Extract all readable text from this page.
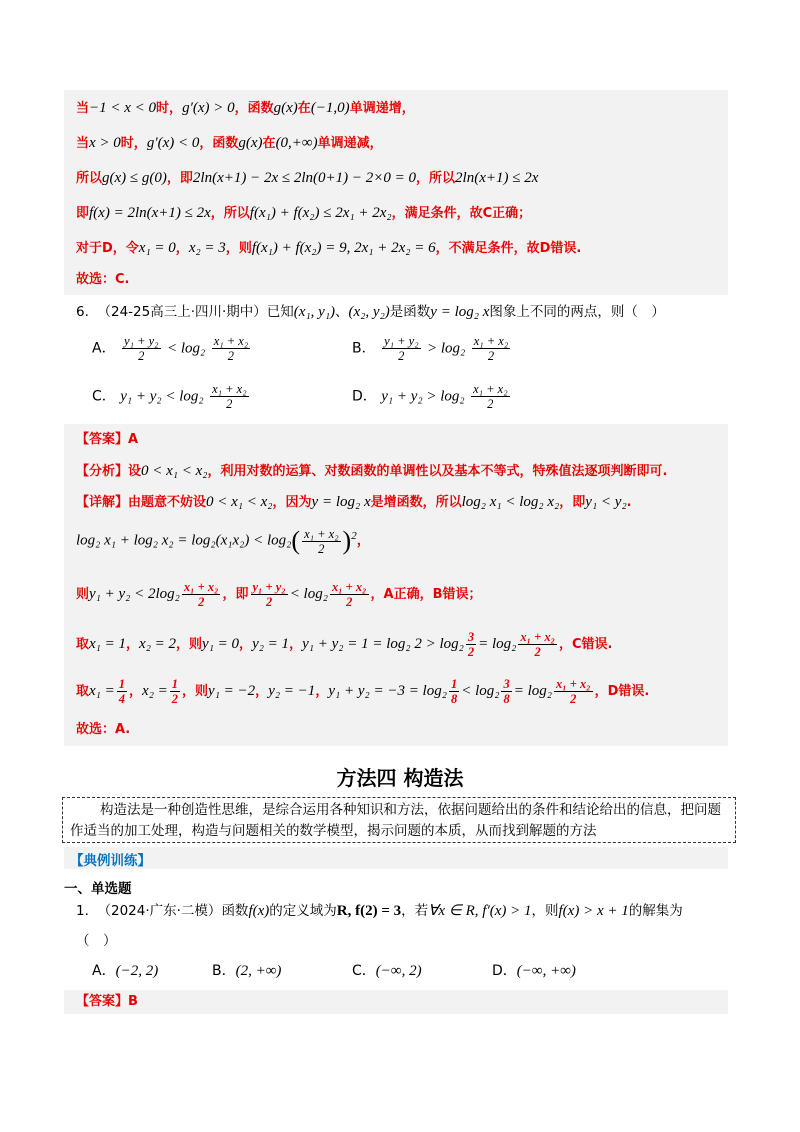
当−1 < x < 0时，g′(x) > 0，函数g(x)在(−1,0)单调递增，
当x > 0时，g′(x) < 0，函数g(x)在(0,+∞)单调递减，
所以g(x) ≤ g(0)，即2ln(x+1) − 2x ≤ 2ln(0+1) − 2×0 = 0，所以2ln(x+1) ≤ 2x
即f(x) = 2ln(x+1) ≤ 2x，所以f(x₁) + f(x₂) ≤ 2x₁ + 2x₂，满足条件，故C正确；
对于D，令x₁ = 0，x₂ = 3，则f(x₁) + f(x₂) = 9, 2x₁ + 2x₂ = 6，不满足条件，故D错误.
故选：C.
6. （24-25高三上·四川·期中）已知(x₁, y₁)、(x₂, y₂)是函数y = log₂ x图象上不同的两点，则（　）
A． $\frac{\text{y₁ + y₂}}{2} < \log_2 \frac{\text{x₁ + x₂}}{2}$	B． $\frac{\text{y₁ + y₂}}{2} > \log_2 \frac{\text{x₁ + x₂}}{2}$
C． $y_1 + y_2 < \log_2 \frac{\text{x₁ + x₂}}{2}$	D． $y_1 + y_2 > \log_2 \frac{\text{x₁ + x₂}}{2}$
【答案】A
【分析】设0 < x₁ < x₂，利用对数的运算、对数函数的单调性以及基本不等式，特殊值法逐项判断即可.
【详解】由题意不妨设0 < x₁ < x₂，因为y = log₂ x是增函数，所以log₂ x₁ < log₂ x₂，即y₁ < y₂.
log₂ x₁ + log₂ $x_2 = \log_2(x_1x_2) < \log_2( \frac{\text{x₁ + x₂}}{2} )^2$，
则$y_1 + y_2 < 2\log_2 \frac{\text{x₁ + x₂}}{2}$ ，即 $\frac{\text{y₁ + y₂}}{2} < \log_2 \frac{\text{x₁ + x₂}}{2}$ ，A正确，B错误；
取x₁ = 1，x₂ = 2，则y₁ = 0，y₂ = 1，y₁ + y₂ = 1 = log₂ $2 > \log_2 \frac{3}{2} = \log_2 \frac{\text{x₁ + x₂}}{2}$ ，C错误.
取$x_1 = \frac{1}{4}$ ，$x_2 = \frac{1}{2}$ ，则y₁ = −2，y₂ = −1，$y_1 + y_2 = -3 = \log_2 \frac{1}{8} < \log_2 \frac{3}{8} = \log_2 \frac{\text{x₁ + x₂}}{2}$ ，D错误.
故选：A.
方法四 构造法
构造法是一种创造性思维，是综合运用各种知识和方法，依据问题给出的条件和结论给出的信息，把问题作适当的加工处理，构造与问题相关的数学模型，揭示问题的本质，从而找到解题的方法
【典例训练】
一、单选题
1. （2024·广东·二模）函数f(x)的定义域为R, f(2) = 3，若∀x ∈ R, f′(x) > 1，则f(x) > x + 1的解集为
（　）
A．(−2, 2)	B．(2, +∞)	C．(−∞, 2)	D．(−∞, +∞)
【答案】B
